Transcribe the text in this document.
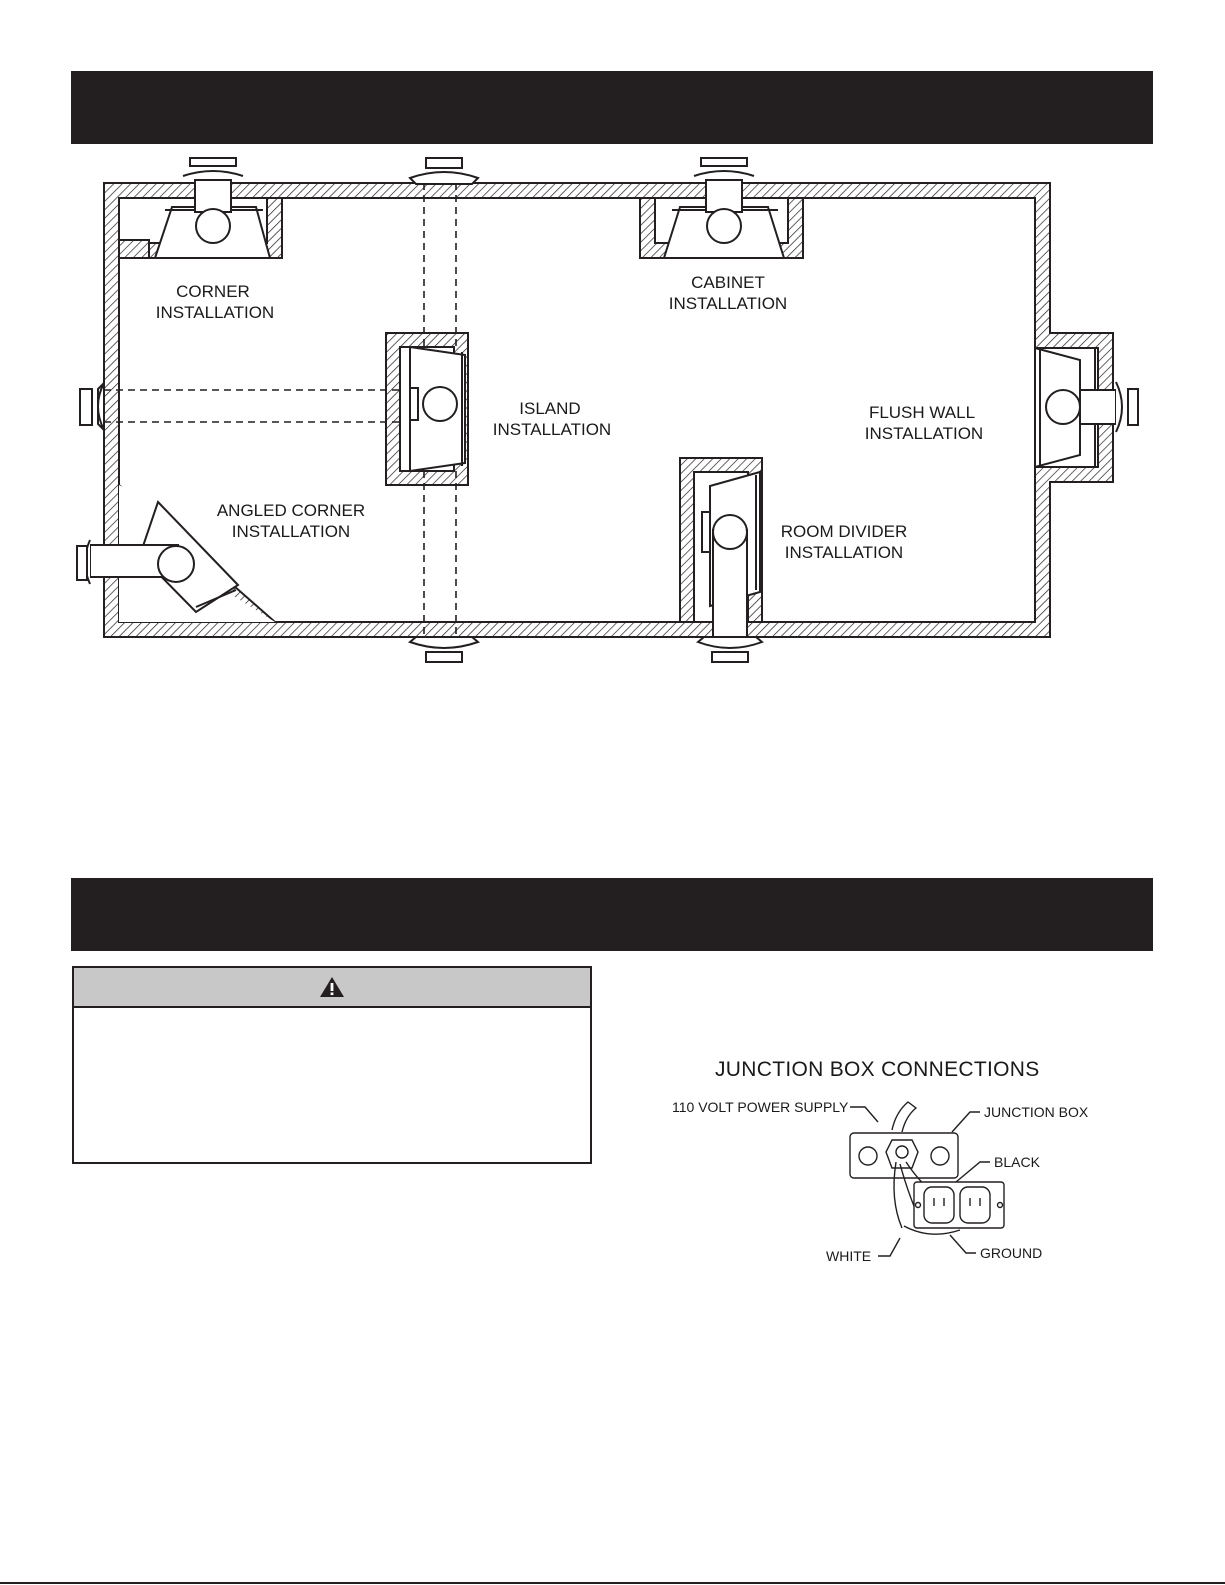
CORNER
INSTALLATION
CABINET
INSTALLATION
ISLAND
INSTALLATION
FLUSH WALL
INSTALLATION
ANGLED CORNER
INSTALLATION	ROOM DIVIDER
INSTALLATION
JUNCTION BOX CONNECTIONS
110 VOLT POWER SUPPLY	JUNCTION BOX
BLACK
WHITE	GROUND
